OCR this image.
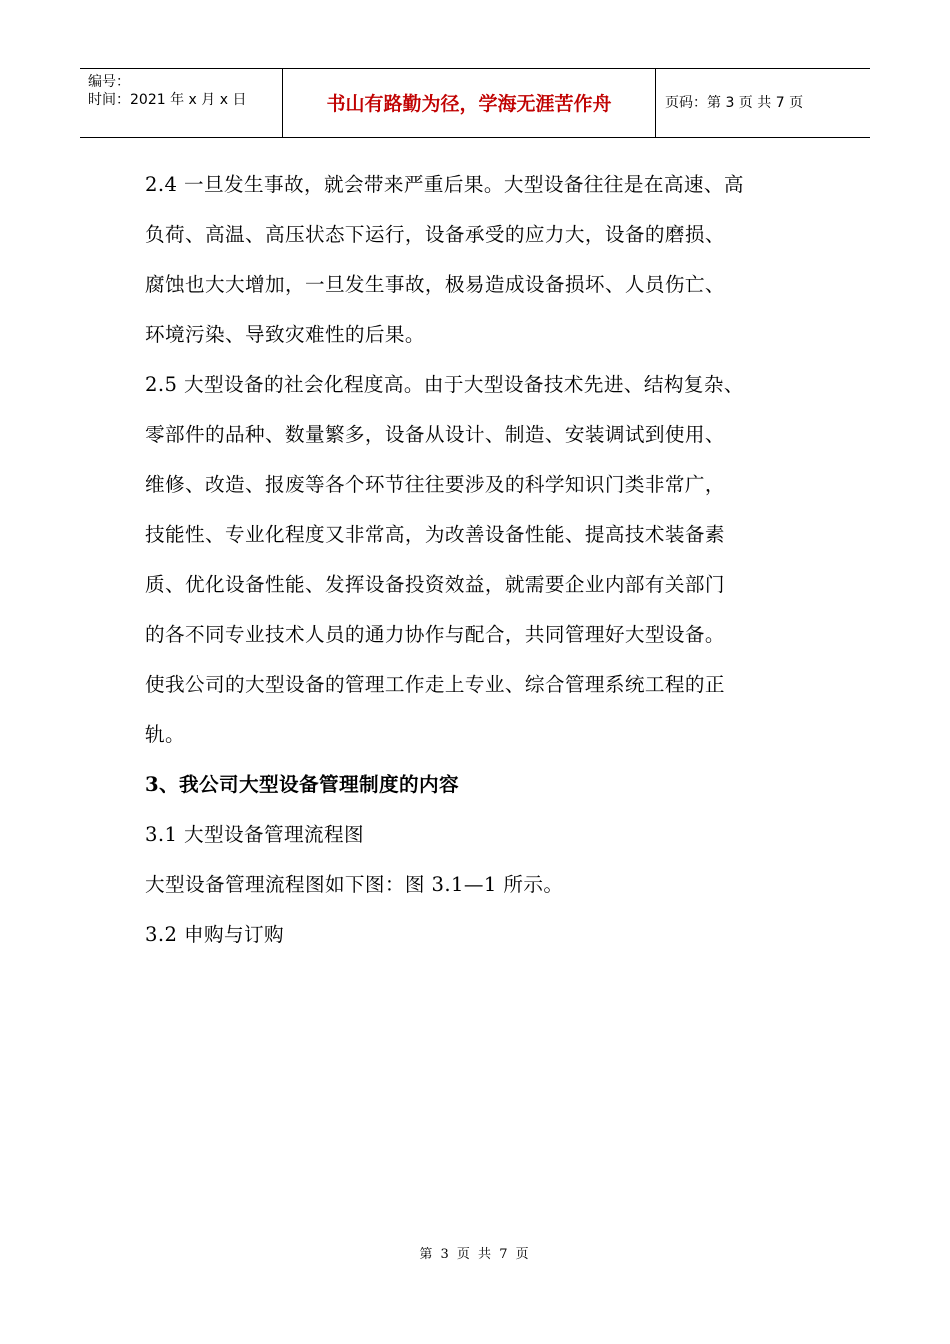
编号：
时间：2021 年 x 月 x 日	书山有路勤为径，学海无涯苦作舟	页码：第 3 页 共 7 页

2.4 一旦发生事故，就会带来严重后果。大型设备往往是在高速、高

负荷、高温、高压状态下运行，设备承受的应力大，设备的磨损、

腐蚀也大大增加，一旦发生事故，极易造成设备损坏、人员伤亡、

环境污染、导致灾难性的后果。

2.5 大型设备的社会化程度高。由于大型设备技术先进、结构复杂、

零部件的品种、数量繁多，设备从设计、制造、安装调试到使用、

维修、改造、报废等各个环节往往要涉及的科学知识门类非常广，

技能性、专业化程度又非常高，为改善设备性能、提高技术装备素

质、优化设备性能、发挥设备投资效益，就需要企业内部有关部门

的各不同专业技术人员的通力协作与配合，共同管理好大型设备。

使我公司的大型设备的管理工作走上专业、综合管理系统工程的正

轨。

3、我公司大型设备管理制度的内容

3.1 大型设备管理流程图

大型设备管理流程图如下图：图 3.1—1 所示。

3.2 申购与订购

第 3 页 共 7 页
